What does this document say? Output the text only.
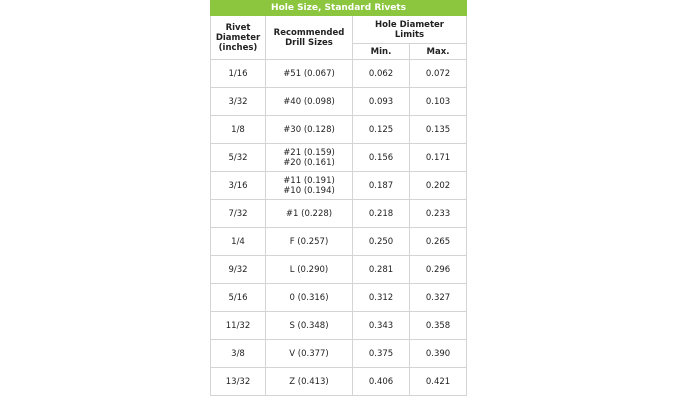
Hole Size, Standard Rivets			

Rivet
Diameter
(inches)	Recommended
Drill Sizes	Hole Diameter
Limits	

		Min.	Max.
1/16	#51 (0.067)	0.062	0.072
3/32	#40 (0.098)	0.093	0.103
1/8	#30 (0.128)	0.125	0.135
5/32	#21 (0.159)
#20 (0.161)	0.156	0.171
3/16	#11 (0.191)
#10 (0.194)	0.187	0.202
7/32	#1 (0.228)	0.218	0.233
1/4	F (0.257)	0.250	0.265
9/32	L (0.290)	0.281	0.296
5/16	0 (0.316)	0.312	0.327
11/32	S (0.348)	0.343	0.358
3/8	V (0.377)	0.375	0.390
13/32	Z (0.413)	0.406	0.421
